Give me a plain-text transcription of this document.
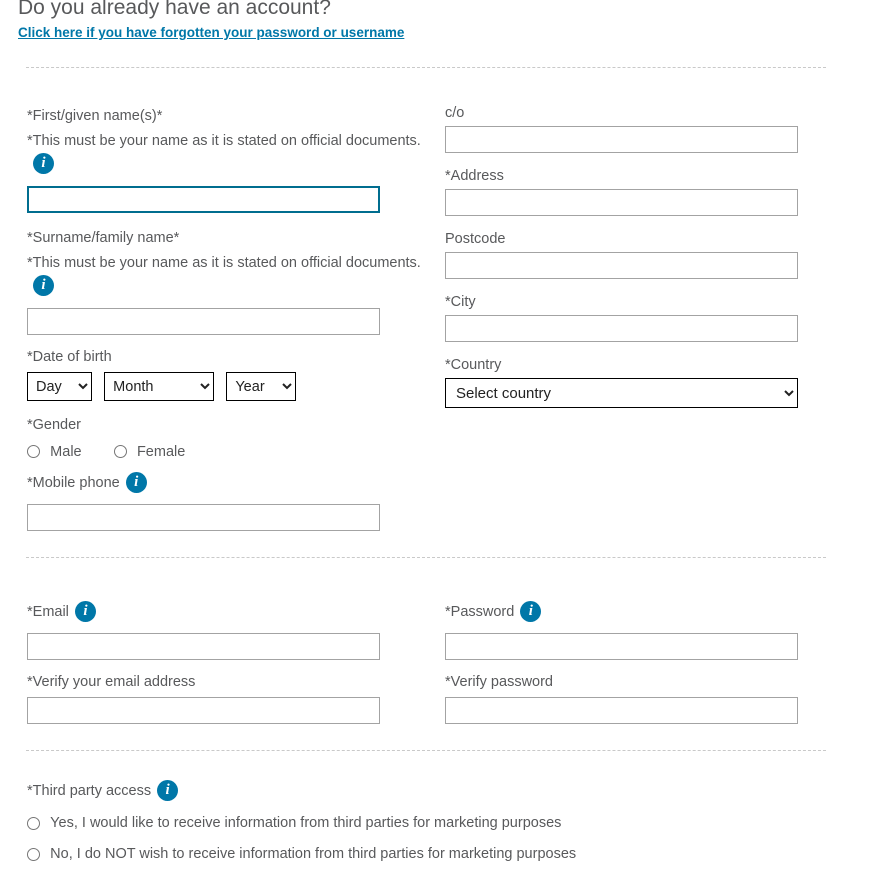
Do you already have an account?
Click here if you have forgotten your password or username
*First/given name(s)*
*This must be your name as it is stated on official documents.i
*Surname/family name*
*This must be your name as it is stated on official documents.i
*Date of birth
Day
Month
Year
*Gender
Male	Female
*Mobile phone i
c/o
*Address
Postcode
*City
*Country
Select country
*Email i
*Verify your email address
*Password i
*Verify password
*Third party access i
Yes, I would like to receive information from third parties for marketing purposes
No, I do NOT wish to receive information from third parties for marketing purposes
